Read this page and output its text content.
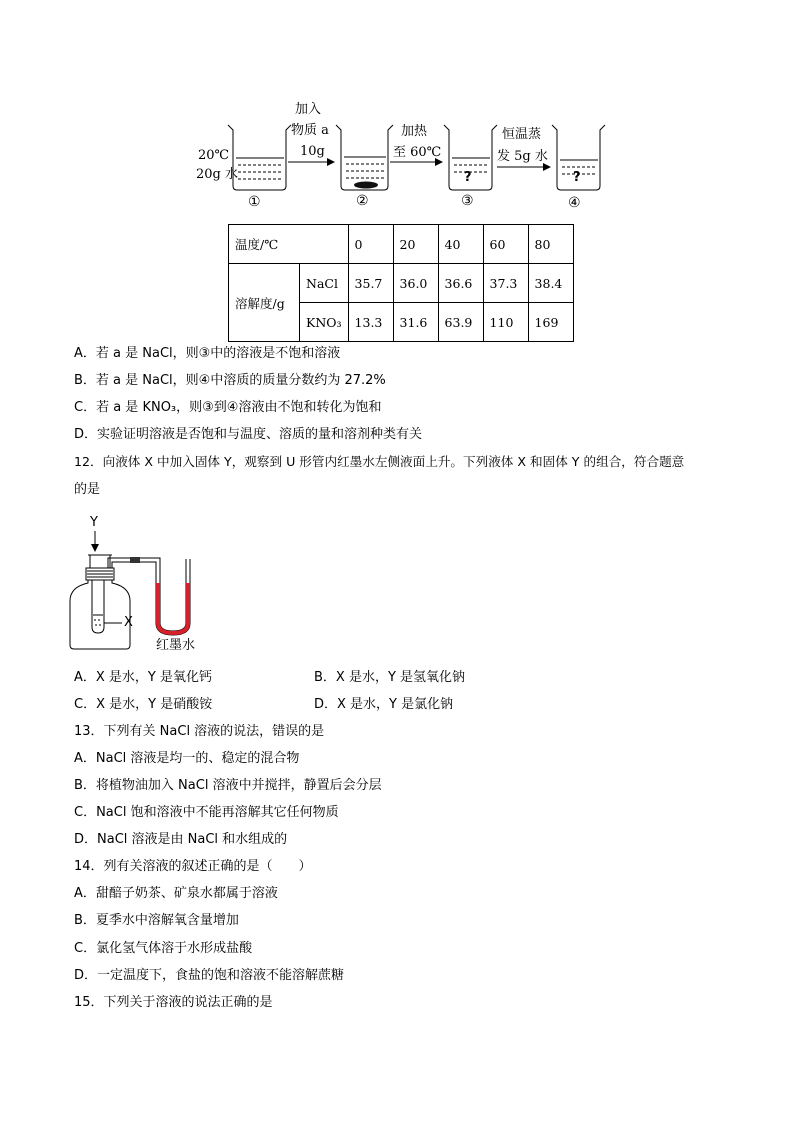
20℃
20g 水
加入
物质 a
10g
加热
至 60℃
恒温蒸
发 5g 水
?	?
①	②	③	④
温度/℃		0	20	40	60	80
溶解度/g	NaCl	35.7	36.0	36.6	37.3	38.4
	KNO₃	13.3	31.6	63.9	110	169
A．若 a 是 NaCl，则③中的溶液是不饱和溶液
B．若 a 是 NaCl，则④中溶质的质量分数约为 27.2%
C．若 a 是 KNO₃，则③到④溶液由不饱和转化为饱和
D．实验证明溶液是否饱和与温度、溶质的量和溶剂种类有关
12．向液体 X 中加入固体 Y，观察到 U 形管内红墨水左侧液面上升。下列液体 X 和固体 Y 的组合，符合题意
的是
Y
X
红墨水
A．X 是水，Y 是氧化钙	B．X 是水，Y 是氢氧化钠
C．X 是水，Y 是硝酸铵	D．X 是水，Y 是氯化钠
13．下列有关 NaCl 溶液的说法，错误的是
A．NaCl 溶液是均一的、稳定的混合物
B．将植物油加入 NaCl 溶液中并搅拌，静置后会分层
C．NaCl 饱和溶液中不能再溶解其它任何物质
D．NaCl 溶液是由 NaCl 和水组成的
14．列有关溶液的叙述正确的是（　　）
A．甜醅子奶茶、矿泉水都属于溶液
B．夏季水中溶解氧含量增加
C．氯化氢气体溶于水形成盐酸
D．一定温度下，食盐的饱和溶液不能溶解蔗糖
15．下列关于溶液的说法正确的是
